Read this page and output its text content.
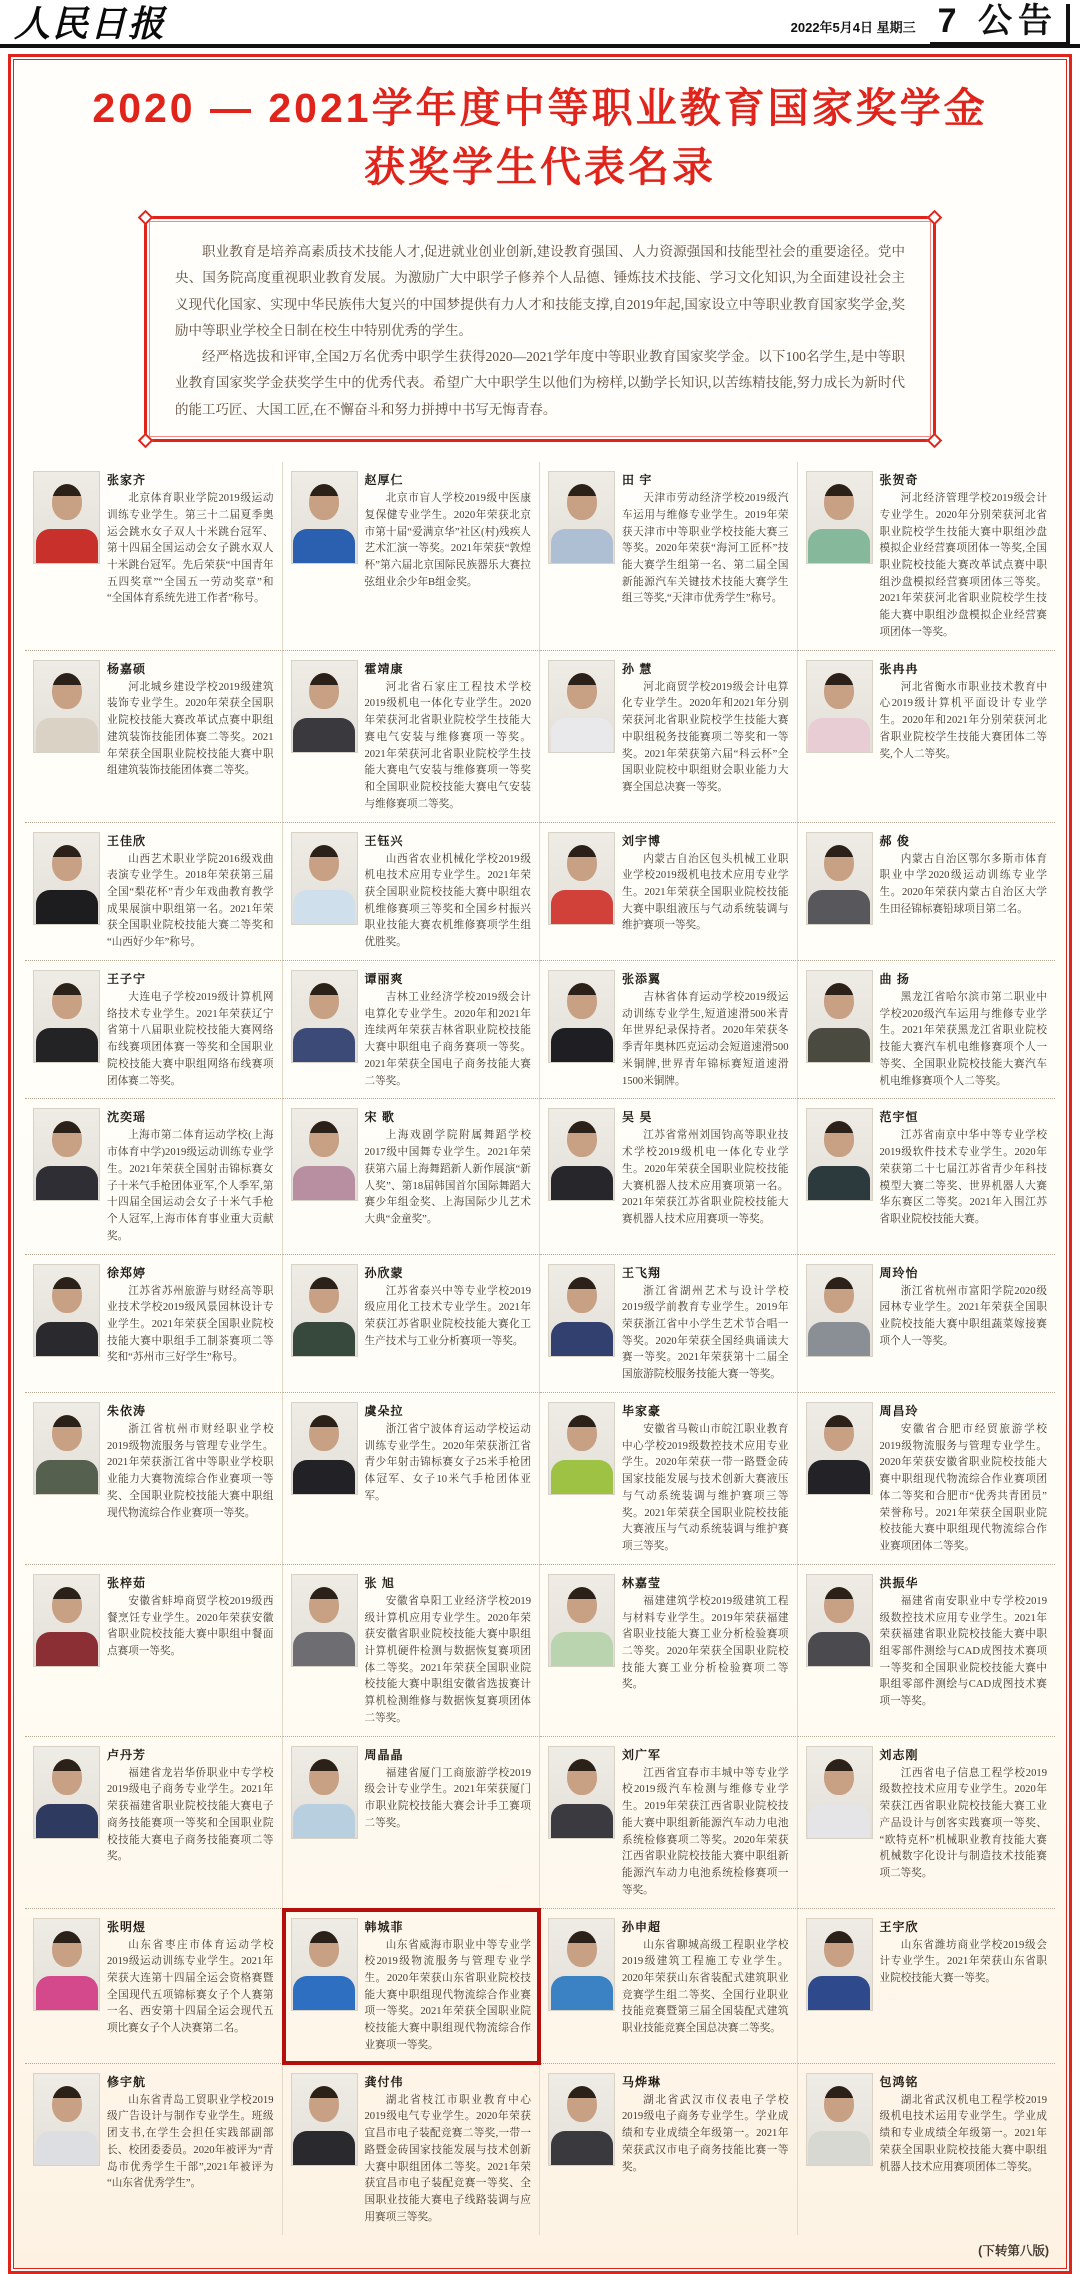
人民日报	2022年5月4日 星期三 7 公告
2020 — 2021学年度中等职业教育国家奖学金
获奖学生代表名录

职业教育是培养高素质技术技能人才,促进就业创业创新,建设教育强国、人力资源强国和技能型社会的重要途径。党中央、国务院高度重视职业教育发展。为激励广大中职学子修养个人品德、锤炼技术技能、学习文化知识,为全面建设社会主义现代化国家、实现中华民族伟大复兴的中国梦提供有力人才和技能支撑,自2019年起,国家设立中等职业教育国家奖学金,奖励中等职业学校全日制在校生中特别优秀的学生。

经严格选拔和评审,全国2万名优秀中职学生获得2020—2021学年度中等职业教育国家奖学金。以下100名学生,是中等职业教育国家奖学金获奖学生中的优秀代表。希望广大中职学生以他们为榜样,以勤学长知识,以苦练精技能,努力成长为新时代的能工巧匠、大国工匠,在不懈奋斗和努力拼搏中书写无悔青春。

张家齐

北京体育职业学院2019级运动训练专业学生。第三十二届夏季奥运会跳水女子双人十米跳台冠军、第十四届全国运动会女子跳水双人十米跳台冠军。先后荣获“中国青年五四奖章”“全国五一劳动奖章”和“全国体育系统先进工作者”称号。

赵厚仁

北京市盲人学校2019级中医康复保健专业学生。2020年荣获北京市第十届“爱满京华”社区(村)残疾人艺术汇演一等奖。2021年荣获“敦煌杯”第六届北京国际民族器乐大赛拉弦组业余少年B组金奖。

田 宇

天津市劳动经济学校2019级汽车运用与维修专业学生。2019年荣获天津市中等职业学校技能大赛三等奖。2020年荣获“海河工匠杯”技能大赛学生组第一名、第二届全国新能源汽车关键技术技能大赛学生组三等奖,“天津市优秀学生”称号。

张贺奇

河北经济管理学校2019级会计专业学生。2020年分别荣获河北省职业院校学生技能大赛中职组沙盘模拟企业经营赛项团体一等奖,全国职业院校技能大赛改革试点赛中职组沙盘模拟经营赛项团体三等奖。2021年荣获河北省职业院校学生技能大赛中职组沙盘模拟企业经营赛项团体一等奖。

杨嘉硕

河北城乡建设学校2019级建筑装饰专业学生。2020年荣获全国职业院校技能大赛改革试点赛中职组建筑装饰技能团体赛二等奖。2021年荣获全国职业院校技能大赛中职组建筑装饰技能团体赛二等奖。

霍靖康

河北省石家庄工程技术学校2019级机电一体化专业学生。2020年荣获河北省职业院校学生技能大赛电气安装与维修赛项一等奖。2021年荣获河北省职业院校学生技能大赛电气安装与维修赛项一等奖和全国职业院校技能大赛电气安装与维修赛项二等奖。

孙 慧

河北商贸学校2019级会计电算化专业学生。2020年和2021年分别荣获河北省职业院校学生技能大赛中职组税务技能赛项二等奖和一等奖。2021年荣获第六届“科云杯”全国职业院校中职组财会职业能力大赛全国总决赛一等奖。

张冉冉

河北省衡水市职业技术教育中心2019级计算机平面设计专业学生。2020年和2021年分别荣获河北省职业院校学生技能大赛团体二等奖,个人二等奖。

王佳欣

山西艺术职业学院2016级戏曲表演专业学生。2018年荣获第三届全国“梨花杯”青少年戏曲教育教学成果展演中职组第一名。2021年荣获全国职业院校技能大赛二等奖和“山西好少年”称号。

王钰兴

山西省农业机械化学校2019级机电技术应用专业学生。2021年荣获全国职业院校技能大赛中职组农机维修赛项三等奖和全国乡村振兴职业技能大赛农机维修赛项学生组优胜奖。

刘宇博

内蒙古自治区包头机械工业职业学校2019级机电技术应用专业学生。2021年荣获全国职业院校技能大赛中职组液压与气动系统装调与维护赛项一等奖。

郝 俊

内蒙古自治区鄂尔多斯市体育职业中学2020级运动训练专业学生。2020年荣获内蒙古自治区大学生田径锦标赛铅球项目第二名。

王子宁

大连电子学校2019级计算机网络技术专业学生。2021年荣获辽宁省第十八届职业院校技能大赛网络布线赛项团体赛一等奖和全国职业院校技能大赛中职组网络布线赛项团体赛二等奖。

谭丽爽

吉林工业经济学校2019级会计电算化专业学生。2020年和2021年连续两年荣获吉林省职业院校技能大赛中职组电子商务赛项一等奖。2021年荣获全国电子商务技能大赛二等奖。

张添翼

吉林省体育运动学校2019级运动训练专业学生,短道速滑500米青年世界纪录保持者。2020年荣获冬季青年奥林匹克运动会短道速滑500米铜牌,世界青年锦标赛短道速滑1500米铜牌。

曲 扬

黑龙江省哈尔滨市第二职业中学校2020级汽车运用与维修专业学生。2021年荣获黑龙江省职业院校技能大赛汽车机电维修赛项个人一等奖、全国职业院校技能大赛汽车机电维修赛项个人二等奖。

沈奕瑶

上海市第二体育运动学校(上海市体育中学)2019级运动训练专业学生。2021年荣获全国射击锦标赛女子十米气手枪团体亚军,个人季军,第十四届全国运动会女子十米气手枪个人冠军,上海市体育事业重大贡献奖。

宋 歌

上海戏剧学院附属舞蹈学校2017级中国舞专业学生。2021年荣获第六届上海舞蹈新人新作展演“新人奖”、第18届韩国首尔国际舞蹈大赛少年组金奖、上海国际少儿艺术大典“金童奖”。

吴 昊

江苏省常州刘国钧高等职业技术学校2019级机电一体化专业学生。2020年荣获全国职业院校技能大赛机器人技术应用赛项第一名。2021年荣获江苏省职业院校技能大赛机器人技术应用赛项一等奖。

范宇恒

江苏省南京中华中等专业学校2019级软件技术专业学生。2020年荣获第二十七届江苏省青少年科技模型大赛二等奖、世界机器人大赛华东赛区二等奖。2021年入围江苏省职业院校技能大赛。

徐郑婷

江苏省苏州旅游与财经高等职业技术学校2019级风景园林设计专业学生。2021年荣获全国职业院校技能大赛中职组手工制茶赛项二等奖和“苏州市三好学生”称号。

孙欣蒙

江苏省泰兴中等专业学校2019级应用化工技术专业学生。2021年荣获江苏省职业院校技能大赛化工生产技术与工业分析赛项一等奖。

王飞翔

浙江省湖州艺术与设计学校2019级学前教育专业学生。2019年荣获浙江省中小学生艺术节合唱一等奖。2020年荣获全国经典诵读大赛一等奖。2021年荣获第十二届全国旅游院校服务技能大赛一等奖。

周玲怡

浙江省杭州市富阳学院2020级园林专业学生。2021年荣获全国职业院校技能大赛中职组蔬菜嫁接赛项个人一等奖。

朱依涛

浙江省杭州市财经职业学校2019级物流服务与管理专业学生。2021年荣获浙江省中等职业学校职业能力大赛物流综合作业赛项一等奖、全国职业院校技能大赛中职组现代物流综合作业赛项一等奖。

虞朵拉

浙江省宁波体育运动学校运动训练专业学生。2020年荣获浙江省青少年射击锦标赛女子25米手枪团体冠军、女子10米气手枪团体亚军。

毕家豪

安徽省马鞍山市皖江职业教育中心学校2019级数控技术应用专业学生。2020年荣获一带一路暨金砖国家技能发展与技术创新大赛液压与气动系统装调与维护赛项三等奖。2021年荣获全国职业院校技能大赛液压与气动系统装调与维护赛项三等奖。

周昌玲

安徽省合肥市经贸旅游学校2019级物流服务与管理专业学生。2020年荣获安徽省职业院校技能大赛中职组现代物流综合作业赛项团体二等奖和合肥市“优秀共青团员”荣誉称号。2021年荣获全国职业院校技能大赛中职组现代物流综合作业赛项团体二等奖。

张梓茹

安徽省蚌埠商贸学校2019级西餐烹饪专业学生。2020年荣获安徽省职业院校技能大赛中职组中餐面点赛项一等奖。

张 旭

安徽省阜阳工业经济学校2019级计算机应用专业学生。2020年荣获安徽省职业院校技能大赛中职组计算机硬件检测与数据恢复赛项团体二等奖。2021年荣获全国职业院校技能大赛中职组安徽省选拔赛计算机检测维修与数据恢复赛项团体二等奖。

林嘉莹

福建建筑学校2019级建筑工程与材料专业学生。2019年荣获福建省职业技能大赛工业分析检验赛项二等奖。2020年荣获全国职业院校技能大赛工业分析检验赛项二等奖。

洪振华

福建省南安职业中专学校2019级数控技术应用专业学生。2021年荣获福建省职业院校技能大赛中职组零部件测绘与CAD成图技术赛项一等奖和全国职业院校技能大赛中职组零部件测绘与CAD成图技术赛项一等奖。

卢丹芳

福建省龙岩华侨职业中专学校2019级电子商务专业学生。2021年荣获福建省职业院校技能大赛电子商务技能赛项一等奖和全国职业院校技能大赛电子商务技能赛项二等奖。

周晶晶

福建省厦门工商旅游学校2019级会计专业学生。2021年荣获厦门市职业院校技能大赛会计手工赛项二等奖。

刘广军

江西省宜春市丰城中等专业学校2019级汽车检测与维修专业学生。2019年荣获江西省职业院校技能大赛中职组新能源汽车动力电池系统检修赛项二等奖。2020年荣获江西省职业院校技能大赛中职组新能源汽车动力电池系统检修赛项一等奖。

刘志刚

江西省电子信息工程学校2019级数控技术应用专业学生。2020年荣获江西省职业院校技能大赛工业产品设计与创客实践赛项一等奖、“欧特克杯”机械职业教育技能大赛机械数字化设计与制造技术技能赛项二等奖。

张明煜

山东省枣庄市体育运动学校2019级运动训练专业学生。2021年荣获大连第十四届全运会资格赛暨全国现代五项锦标赛女子个人赛第一名、西安第十四届全运会现代五项比赛女子个人决赛第二名。

韩城菲

山东省威海市职业中等专业学校2019级物流服务与管理专业学生。2020年荣获山东省职业院校技能大赛中职组现代物流综合作业赛项一等奖。2021年荣获全国职业院校技能大赛中职组现代物流综合作业赛项一等奖。

孙申超

山东省聊城高级工程职业学校2019级建筑工程施工专业学生。2020年荣获山东省装配式建筑职业竞赛学生组二等奖、全国行业职业技能竞赛暨第三届全国装配式建筑职业技能竞赛全国总决赛二等奖。

王宇欣

山东省潍坊商业学校2019级会计专业学生。2021年荣获山东省职业院校技能大赛一等奖。

修宇航

山东省青岛工贸职业学校2019级广告设计与制作专业学生。班级团支书,在学生会担任实践部副部长、校团委委员。2020年被评为“青岛市优秀学生干部”,2021年被评为“山东省优秀学生”。

龚付伟

湖北省枝江市职业教育中心2019级电气专业学生。2020年荣获宜昌市电子装配竞赛二等奖,一带一路暨金砖国家技能发展与技术创新大赛中职组团体二等奖。2021年荣获宜昌市电子装配竞赛一等奖、全国职业技能大赛电子线路装调与应用赛项三等奖。

马烨琳

湖北省武汉市仪表电子学校2019级电子商务专业学生。学业成绩和专业成绩全年级第一。2021年荣获武汉市电子商务技能比赛一等奖。

包鸿铭

湖北省武汉机电工程学校2019级机电技术运用专业学生。学业成绩和专业成绩全年级第一。2021年荣获全国职业院校技能大赛中职组机器人技术应用赛项团体二等奖。

(下转第八版)
